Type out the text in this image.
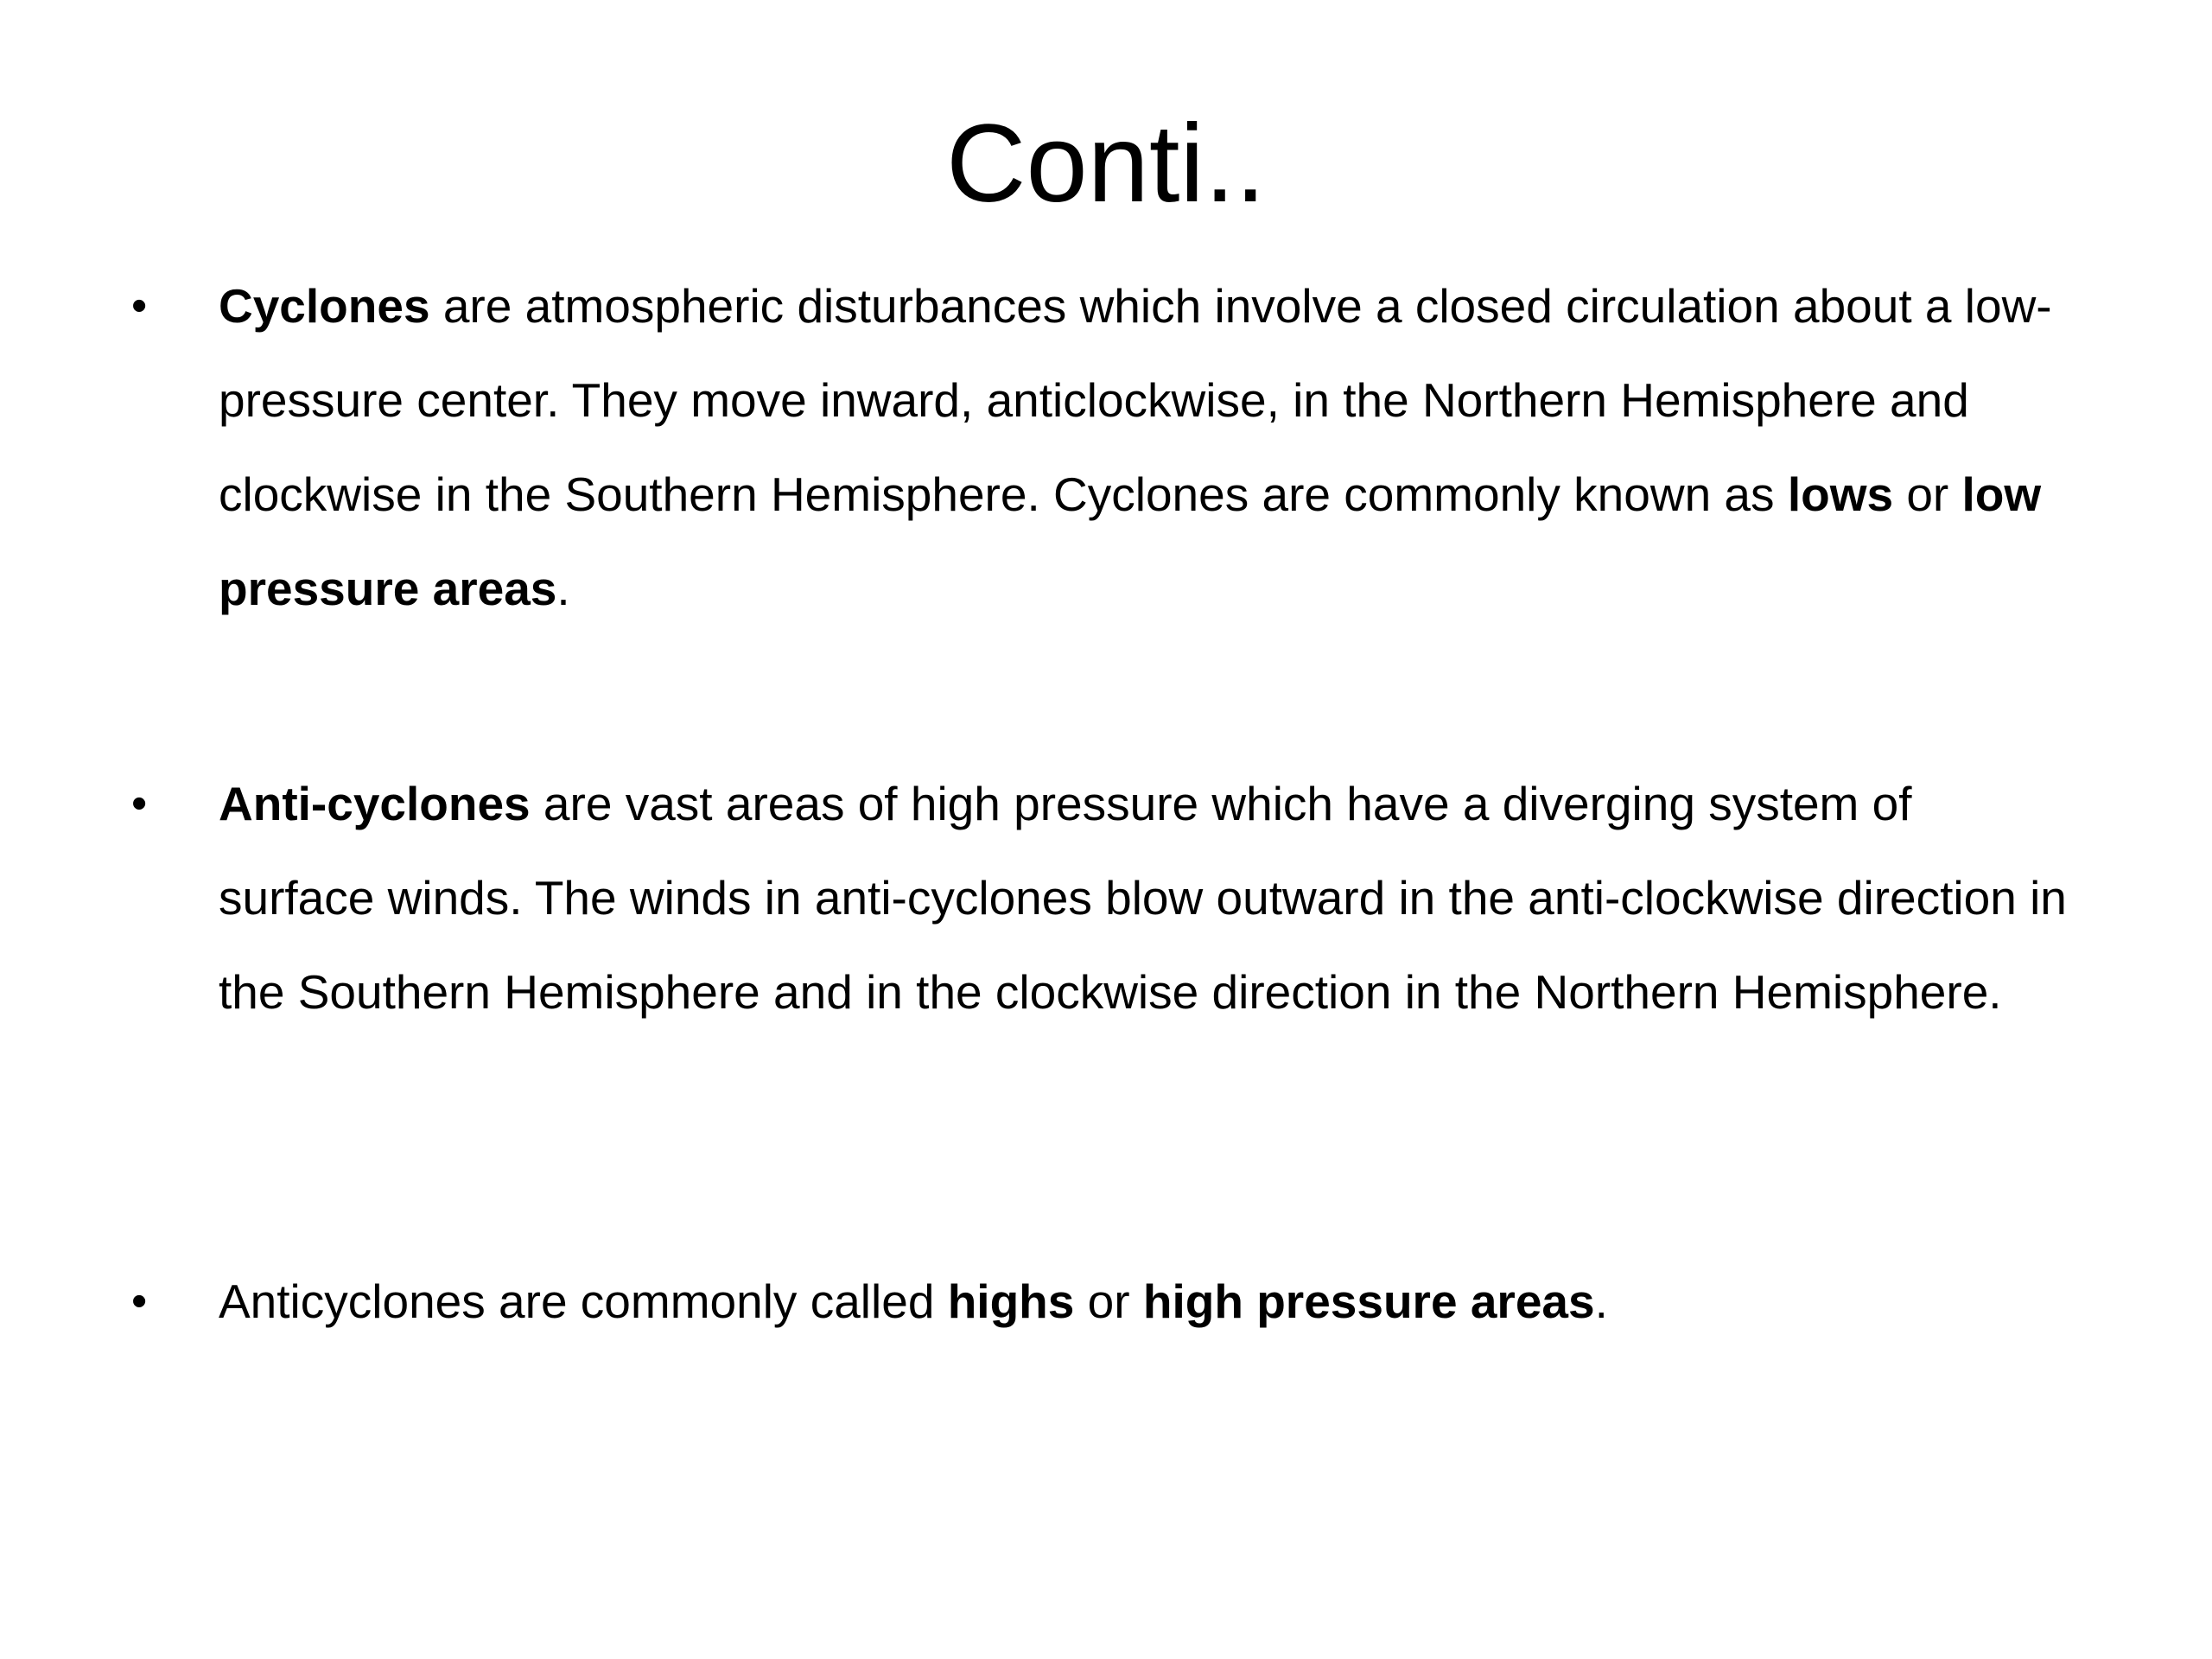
Conti..
• Cyclones are atmospheric disturbances which involve a closed circulation about a low-pressure center. They move inward, anticlockwise, in the Northern Hemisphere and clockwise in the Southern Hemisphere. Cyclones are commonly known as lows or low pressure areas.

• Anti-cyclones are vast areas of high pressure which have a diverging system of surface winds. The winds in anti-cyclones blow outward in the anti-clockwise direction in the Southern Hemisphere and in the clockwise direction in the Northern Hemisphere.

• Anticyclones are commonly called highs or high pressure areas.
